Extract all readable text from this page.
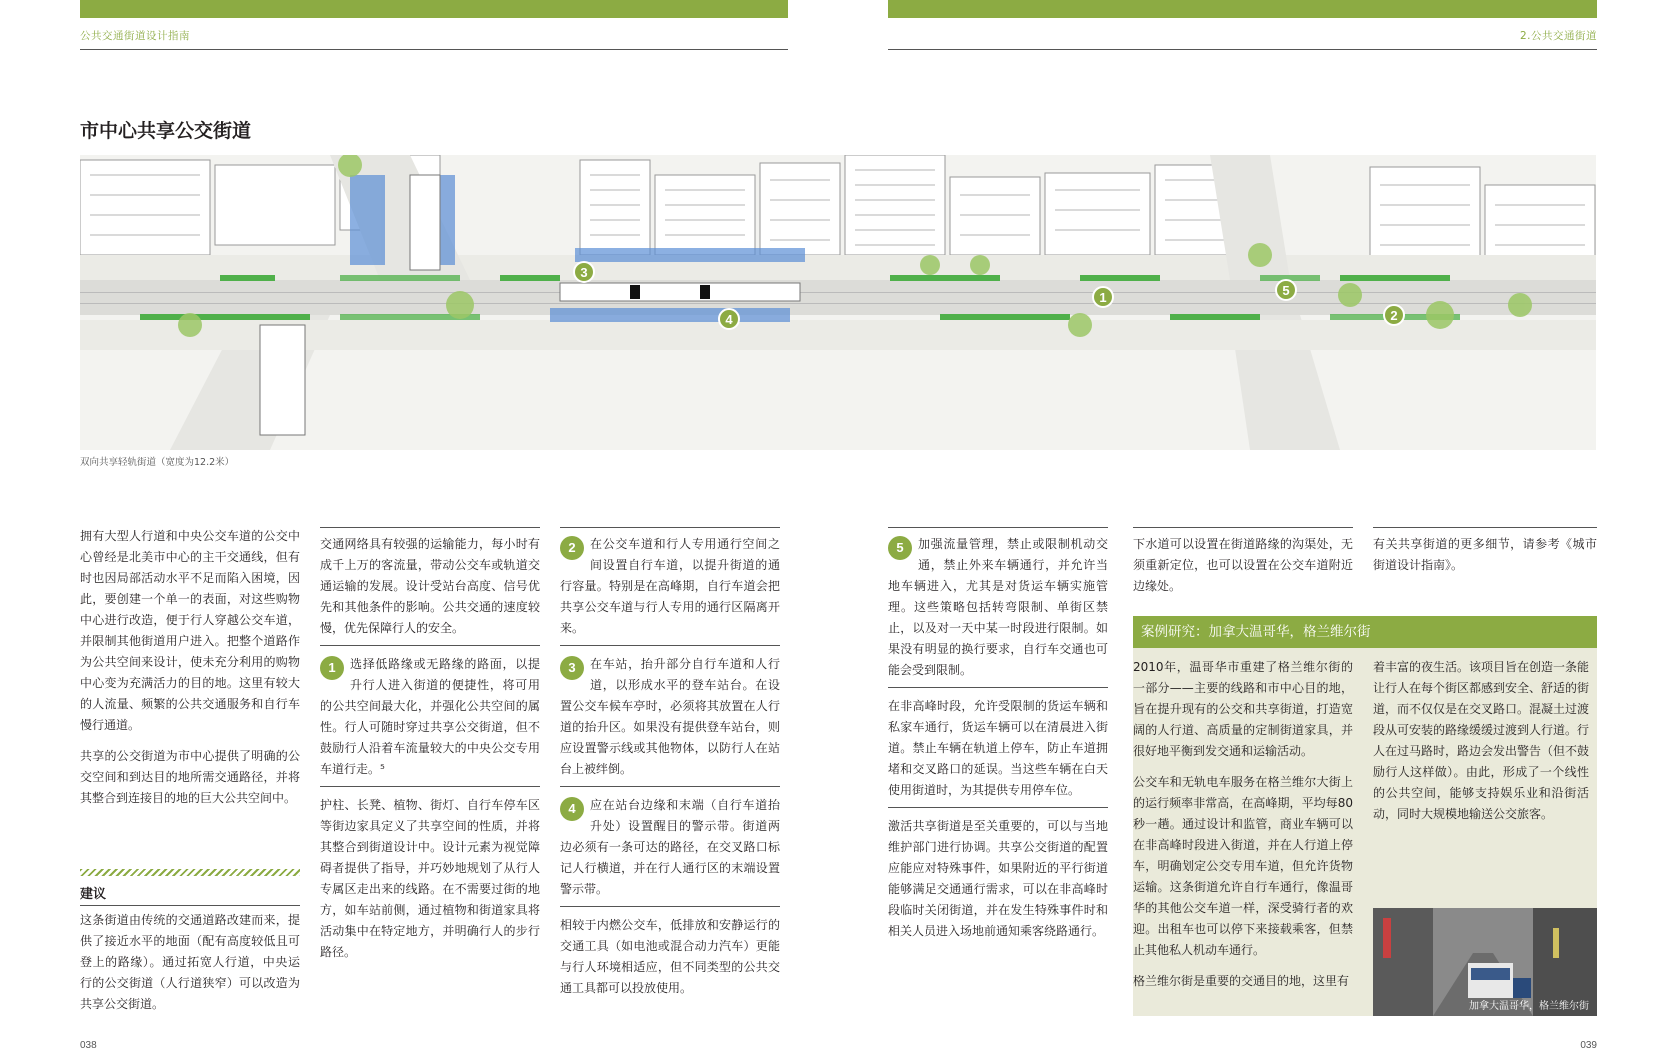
公共交通街道设计指南	2.公共交通街道
市中心共享公交街道
1
2
3
4
5
双向共享轻轨街道（宽度为12.2米）

拥有大型人行道和中央公交车道的公交中心曾经是北美市中心的主干交通线，但有时也因局部活动水平不足而陷入困境，因此，要创建一个单一的表面，对这些购物中心进行改造，便于行人穿越公交车道，并限制其他街道用户进入。把整个道路作为公共空间来设计，使未充分利用的购物中心变为充满活力的目的地。这里有较大的人流量、频繁的公共交通服务和自行车慢行通道。

共享的公交街道为市中心提供了明确的公交空间和到达目的地所需交通路径，并将其整合到连接目的地的巨大公共空间中。

建议

这条街道由传统的交通道路改建而来，提供了接近水平的地面（配有高度较低且可登上的路缘）。通过拓宽人行道，中央运行的公交街道（人行道狭窄）可以改造为共享公交街道。

交通网络具有较强的运输能力，每小时有成千上万的客流量，带动公交车或轨道交通运输的发展。设计受站台高度、信号优先和其他条件的影响。公共交通的速度较慢，优先保障行人的安全。

1	选择低路缘或无路缘的路面，以提升行人进入街道的便捷性，将可用的公共空间最大化，并强化公共空间的属性。行人可随时穿过共享公交街道，但不鼓励行人沿着车流量较大的中央公交专用车道行走。⁵

护柱、长凳、植物、街灯、自行车停车区等街边家具定义了共享空间的性质，并将其整合到街道设计中。设计元素为视觉障碍者提供了指导，并巧妙地规划了从行人专属区走出来的线路。在不需要过街的地方，如车站前侧，通过植物和街道家具将活动集中在特定地方，并明确行人的步行路径。

2	在公交车道和行人专用通行空间之间设置自行车道，以提升街道的通行容量。特别是在高峰期，自行车道会把共享公交车道与行人专用的通行区隔离开来。

3	在车站，抬升部分自行车道和人行道，以形成水平的登车站台。在设置公交车候车亭时，必须将其放置在人行道的抬升区。如果没有提供登车站台，则应设置警示线或其他物体，以防行人在站台上被绊倒。

4	应在站台边缘和末端（自行车道抬升处）设置醒目的警示带。街道两边必须有一条可达的路径，在交叉路口标记人行横道，并在行人通行区的末端设置警示带。

相较于内燃公交车，低排放和安静运行的交通工具（如电池或混合动力汽车）更能与行人环境相适应，但不同类型的公共交通工具都可以投放使用。

5	加强流量管理，禁止或限制机动交通，禁止外来车辆通行，并允许当地车辆进入，尤其是对货运车辆实施管理。这些策略包括转弯限制、单街区禁止，以及对一天中某一时段进行限制。如果没有明显的换行要求，自行车交通也可能会受到限制。

在非高峰时段，允许受限制的货运车辆和私家车通行，货运车辆可以在清晨进入街道。禁止车辆在轨道上停车，防止车道拥堵和交叉路口的延误。当这些车辆在白天使用街道时，为其提供专用停车位。

激活共享街道是至关重要的，可以与当地维护部门进行协调。共享公交街道的配置应能应对特殊事件，如果附近的平行街道能够满足交通通行需求，可以在非高峰时段临时关闭街道，并在发生特殊事件时和相关人员进入场地前通知乘客绕路通行。

下水道可以设置在街道路缘的沟渠处，无须重新定位，也可以设置在公交车道附近边缘处。

有关共享街道的更多细节，请参考《城市街道设计指南》。

案例研究：加拿大温哥华，格兰维尔街

2010年，温哥华市重建了格兰维尔街的一部分——主要的线路和市中心目的地，旨在提升现有的公交和共享街道，打造宽阔的人行道、高质量的定制街道家具，并很好地平衡到发交通和运输活动。

公交车和无轨电车服务在格兰维尔大街上的运行频率非常高，在高峰期，平均每80秒一趟。通过设计和监管，商业车辆可以在非高峰时段进入街道，并在人行道上停车，明确划定公交专用车道，但允许货物运输。这条街道允许自行车通行，像温哥华的其他公交车道一样，深受骑行者的欢迎。出租车也可以停下来接载乘客，但禁止其他私人机动车通行。

格兰维尔街是重要的交通目的地，这里有

着丰富的夜生活。该项目旨在创造一条能让行人在每个街区都感到安全、舒适的街道，而不仅仅是在交叉路口。混凝土过渡段从可安装的路缘缓缓过渡到人行道。行人在过马路时，路边会发出警告（但不鼓励行人这样做）。由此，形成了一个线性的公共空间，能够支持娱乐业和沿街活动，同时大规模地输送公交旅客。

加拿大温哥华，格兰维尔街
038	039
